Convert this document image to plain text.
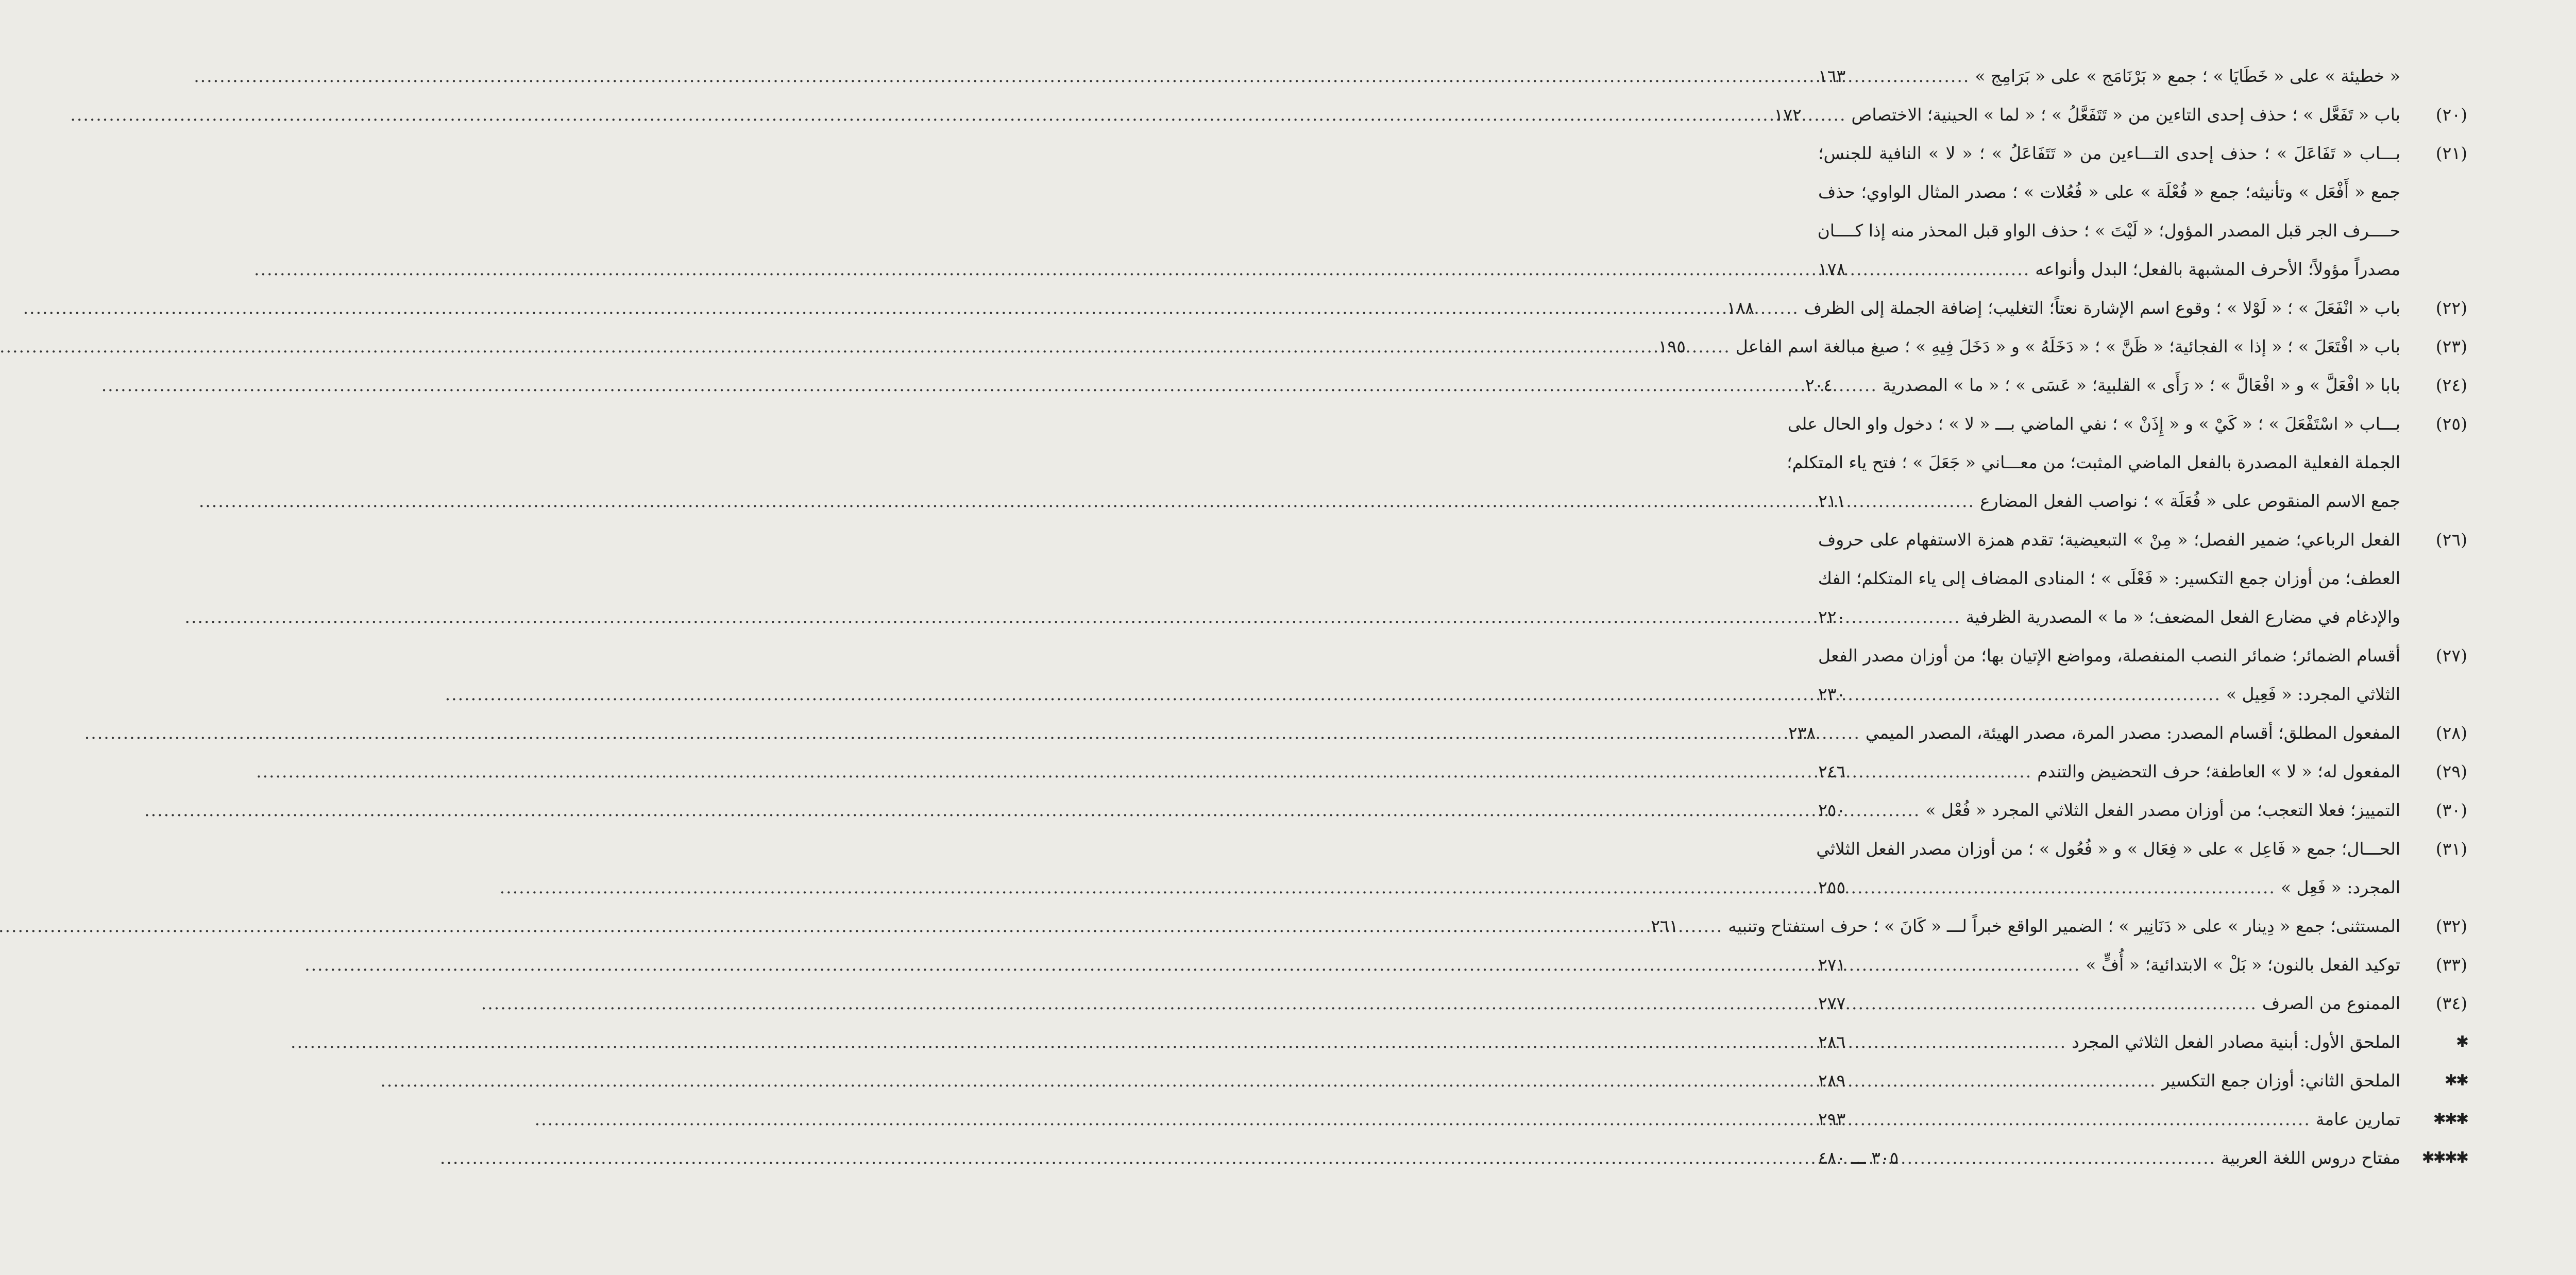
« خطيئة » على « خَطَايَا » ؛ جمع « بَرْنَامَج » على « بَرَامِج »
.....
١٦٣
( ٢٠ )
باب « تَفَعَّل » ؛ حذف إحدى التاءين من « تَتَفَعَّلُ » ؛ « لما » الحينية؛ الاختصاص
.....
١٧٢
( ٢١ )
بـــاب « تَفَاعَلَ » ؛ حذف إحدى التـــاءين من « تَتَفَاعَلُ » ؛ « لا » النافية للجنس؛
جمع « أَفْعَل » وتأنيثه؛ جمع « فُعْلَة » على « فُعُلات » ؛ مصدر المثال الواوي؛ حذف
حــــرف الجر قبل المصدر المؤول؛ « لَيْتَ » ؛ حذف الواو قبل المحذر منه إذا كــــان
مصدراً مؤولاً؛ الأحرف المشبهة بالفعل؛ البدل وأنواعه
.....
١٧٨
( ٢٢ )
باب « انْفَعَلَ » ؛ « لَوْلا » ؛ وقوع اسم الإشارة نعتاً؛ التغليب؛ إضافة الجملة إلى الظرف
.....
١٨٨
( ٢٣ )
باب « افْتَعَلَ » ؛ « إذا » الفجائية؛ « ظَنَّ » ؛ « دَخَلَهُ » و « دَخَلَ فِيهِ » ؛ صيغ مبالغة اسم الفاعل
.....
١٩٥
( ٢٤ )
بابا « افْعَلَّ » و « افْعَالَّ » ؛ « رَأَى » القلبية؛ « عَسَى » ؛ « ما » المصدرية
.....
٢٠٤
( ٢٥ )
بـــاب « اسْتَفْعَلَ » ؛ « كَيْ » و « إِذَنْ » ؛ نفي الماضي بـــ « لا » ؛ دخول واو الحال على
الجملة الفعلية المصدرة بالفعل الماضي المثبت؛ من معـــاني « جَعَلَ » ؛ فتح ياء المتكلم؛
جمع الاسم المنقوص على « فُعَلَة » ؛ نواصب الفعل المضارع
.....
٢١١
( ٢٦ )
الفعل الرباعي؛ ضمير الفصل؛ « مِنْ » التبعيضية؛ تقدم همزة الاستفهام على حروف
العطف؛ من أوزان جمع التكسير: « فَعْلَى » ؛ المنادى المضاف إلى ياء المتكلم؛ الفك
والإدغام في مضارع الفعل المضعف؛ « ما » المصدرية الظرفية
.....
٢٢٠
( ٢٧ )
أقسام الضمائر؛ ضمائر النصب المنفصلة، ومواضع الإتيان بها؛ من أوزان مصدر الفعل
الثلاثي المجرد: « فَعِيل »
.....
٢٣٠
( ٢٨ )
المفعول المطلق؛ أقسام المصدر: مصدر المرة، مصدر الهيئة، المصدر الميمي
.....
٢٣٨
( ٢٩ )
المفعول له؛ « لا » العاطفة؛ حرف التحضيض والتندم
.....
٢٤٦
( ٣٠ )
التمييز؛ فعلا التعجب؛ من أوزان مصدر الفعل الثلاثي المجرد « فُعْل »
.....
٢٥٠
( ٣١ )
الحـــال؛ جمع « فَاعِل » على « فِعَال » و « فُعُول » ؛ من أوزان مصدر الفعل الثلاثي
المجرد: « فَعِل »
.....
٢٥٥
( ٣٢ )
المستثنى؛ جمع « دِينار » على « دَنَانِير » ؛ الضمير الواقع خبراً لـــ « كَانَ » ؛ حرف استفتاح وتنبيه
.....
٢٦١
( ٣٣ )
توكيد الفعل بالنون؛ « بَلْ » الابتدائية؛ « أُفٍّ »
.....
٢٧١
( ٣٤ )
الممنوع من الصرف
.....
٢٧٧
✱
الملحق الأول: أبنية مصادر الفعل الثلاثي المجرد
.....
٢٨٦
✱✱
الملحق الثاني: أوزان جمع التكسير
.....
٢٨٩
✱✱✱
تمارين عامة
.....
٢٩٣
✱✱✱✱
مفتاح دروس اللغة العربية
.....
٣٠٥ ـــ ٤٨٠
